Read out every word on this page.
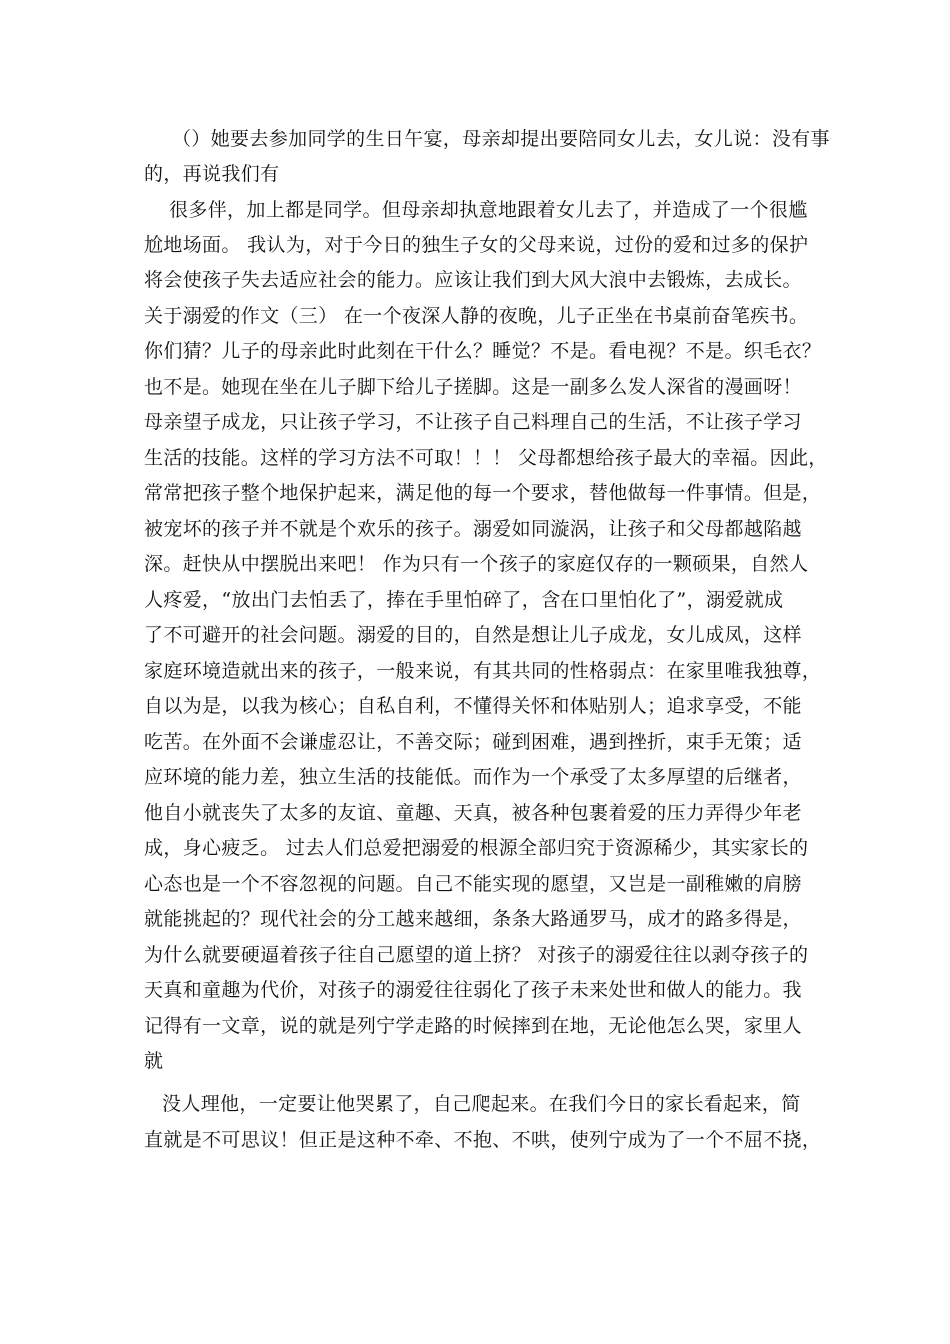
（）她要去参加同学的生日午宴，母亲却提出要陪同女儿去，女儿说：没有事
的，再说我们有
很多伴，加上都是同学。但母亲却执意地跟着女儿去了，并造成了一个很尴
尬地场面。 我认为，对于今日的独生子女的父母来说，过份的爱和过多的保护
将会使孩子失去适应社会的能力。应该让我们到大风大浪中去锻炼，去成长。
关于溺爱的作文（三） 在一个夜深人静的夜晚，儿子正坐在书桌前奋笔疾书。
你们猜？儿子的母亲此时此刻在干什么？睡觉？不是。看电视？不是。织毛衣？
也不是。她现在坐在儿子脚下给儿子搓脚。这是一副多么发人深省的漫画呀！
母亲望子成龙，只让孩子学习，不让孩子自己料理自己的生活，不让孩子学习
生活的技能。这样的学习方法不可取！！！ 父母都想给孩子最大的幸福。因此，
常常把孩子整个地保护起来，满足他的每一个要求，替他做每一件事情。但是，
被宠坏的孩子并不就是个欢乐的孩子。溺爱如同漩涡，让孩子和父母都越陷越
深。赶快从中摆脱出来吧！ 作为只有一个孩子的家庭仅存的一颗硕果，自然人
人疼爱，“放出门去怕丢了，捧在手里怕碎了，含在口里怕化了”，溺爱就成
了不可避开的社会问题。溺爱的目的，自然是想让儿子成龙，女儿成凤，这样
家庭环境造就出来的孩子，一般来说，有其共同的性格弱点：在家里唯我独尊，
自以为是，以我为核心；自私自利，不懂得关怀和体贴别人；追求享受，不能
吃苦。在外面不会谦虚忍让，不善交际；碰到困难，遇到挫折，束手无策；适
应环境的能力差，独立生活的技能低。而作为一个承受了太多厚望的后继者，
他自小就丧失了太多的友谊、童趣、天真，被各种包裹着爱的压力弄得少年老
成，身心疲乏。 过去人们总爱把溺爱的根源全部归究于资源稀少，其实家长的
心态也是一个不容忽视的问题。自己不能实现的愿望，又岂是一副稚嫩的肩膀
就能挑起的？现代社会的分工越来越细，条条大路通罗马，成才的路多得是，
为什么就要硬逼着孩子往自己愿望的道上挤？ 对孩子的溺爱往往以剥夺孩子的
天真和童趣为代价，对孩子的溺爱往往弱化了孩子未来处世和做人的能力。我
记得有一文章，说的就是列宁学走路的时候摔到在地，无论他怎么哭，家里人
就
没人理他，一定要让他哭累了，自己爬起来。在我们今日的家长看起来，简
直就是不可思议！但正是这种不牵、不抱、不哄，使列宁成为了一个不屈不挠，
